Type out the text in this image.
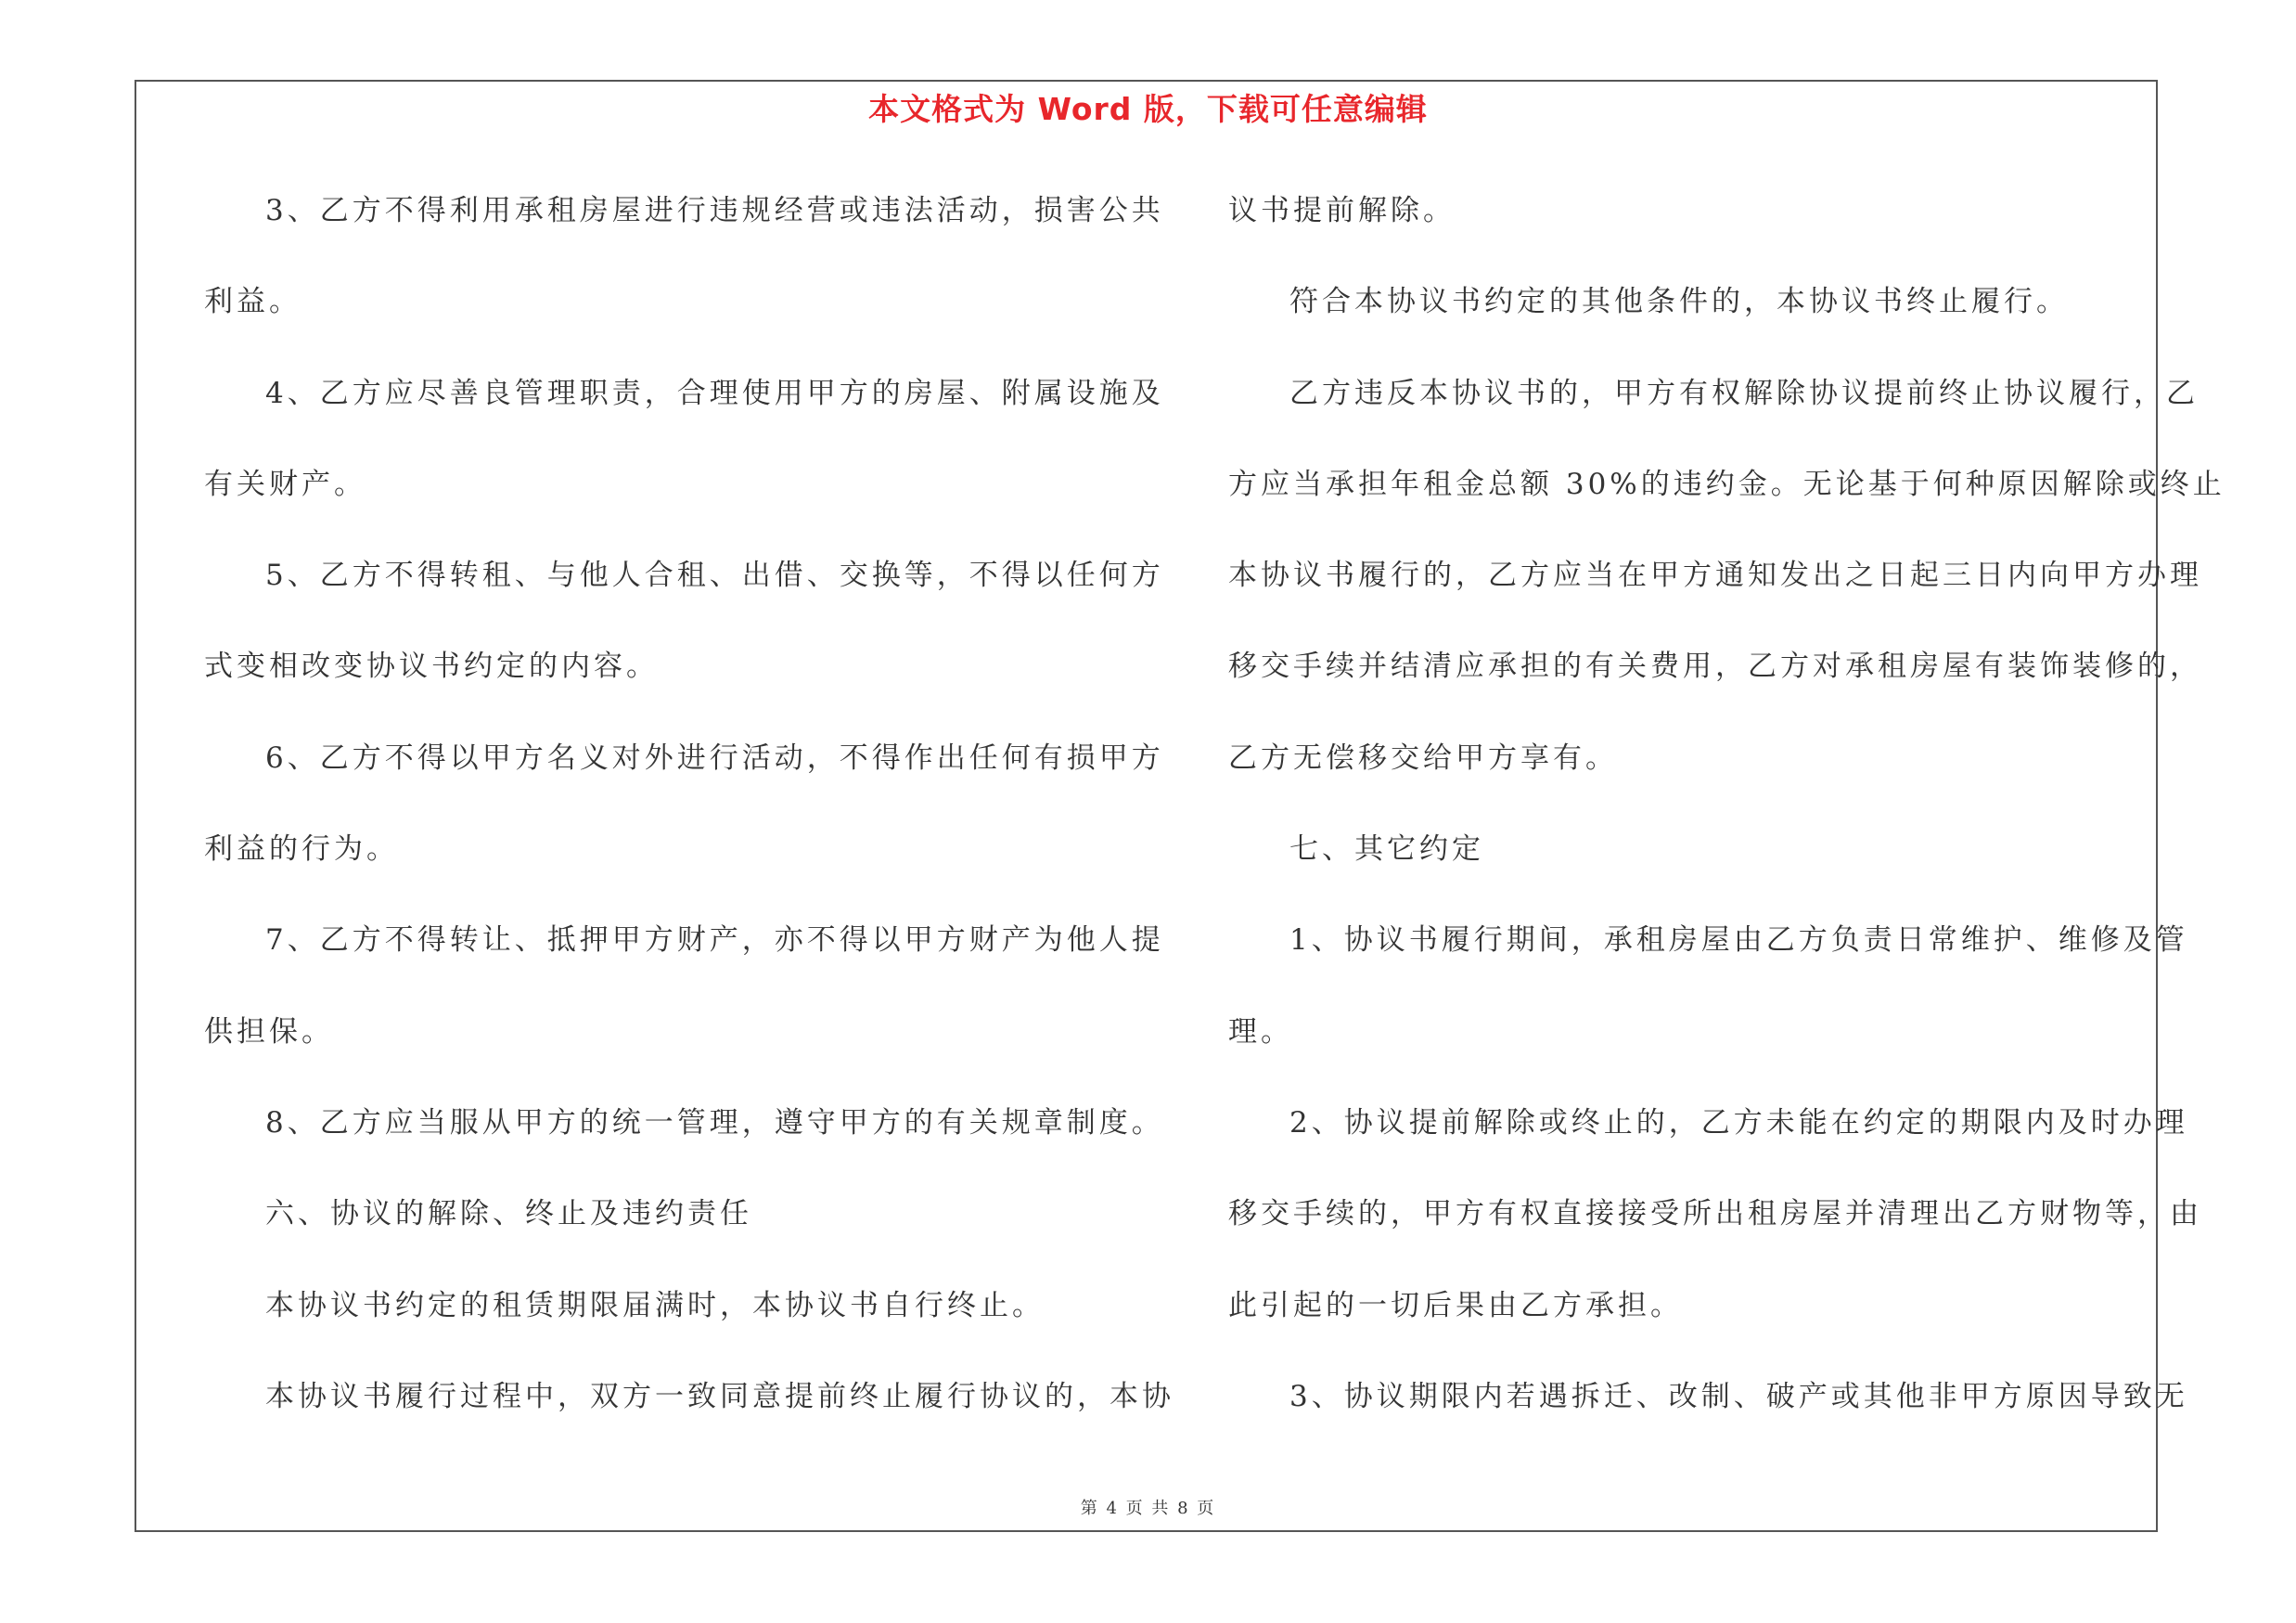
本文格式为 Word 版，下载可任意编辑
3、乙方不得利用承租房屋进行违规经营或违法活动，损害公共
利益。
4、乙方应尽善良管理职责，合理使用甲方的房屋、附属设施及
有关财产。
5、乙方不得转租、与他人合租、出借、交换等，不得以任何方
式变相改变协议书约定的内容。
6、乙方不得以甲方名义对外进行活动，不得作出任何有损甲方
利益的行为。
7、乙方不得转让、抵押甲方财产，亦不得以甲方财产为他人提
供担保。
8、乙方应当服从甲方的统一管理，遵守甲方的有关规章制度。
六、协议的解除、终止及违约责任
本协议书约定的租赁期限届满时，本协议书自行终止。
本协议书履行过程中，双方一致同意提前终止履行协议的，本协
议书提前解除。
符合本协议书约定的其他条件的，本协议书终止履行。
乙方违反本协议书的，甲方有权解除协议提前终止协议履行，乙
方应当承担年租金总额 30%的违约金。无论基于何种原因解除或终止
本协议书履行的，乙方应当在甲方通知发出之日起三日内向甲方办理
移交手续并结清应承担的有关费用，乙方对承租房屋有装饰装修的，
乙方无偿移交给甲方享有。
七、其它约定
1、协议书履行期间，承租房屋由乙方负责日常维护、维修及管
理。
2、协议提前解除或终止的，乙方未能在约定的期限内及时办理
移交手续的，甲方有权直接接受所出租房屋并清理出乙方财物等，由
此引起的一切后果由乙方承担。
3、协议期限内若遇拆迁、改制、破产或其他非甲方原因导致无
第 4 页 共 8 页
